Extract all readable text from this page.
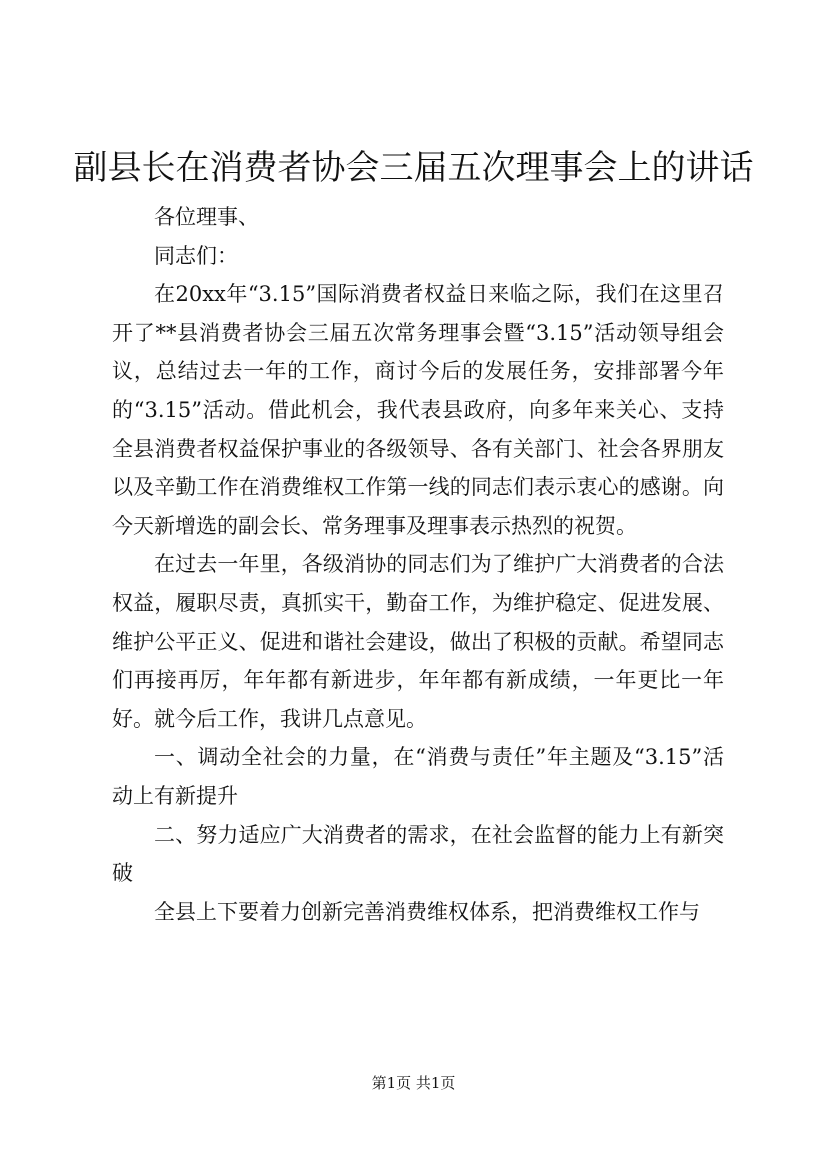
副县长在消费者协会三届五次理事会上的讲话

各位理事、

同志们：

在20xx年“3.15”国际消费者权益日来临之际，我们在这里召开了**县消费者协会三届五次常务理事会暨“3.15”活动领导组会议，总结过去一年的工作，商讨今后的发展任务，安排部署今年的“3.15”活动。借此机会，我代表县政府，向多年来关心、支持全县消费者权益保护事业的各级领导、各有关部门、社会各界朋友以及辛勤工作在消费维权工作第一线的同志们表示衷心的感谢。向今天新增选的副会长、常务理事及理事表示热烈的祝贺。

在过去一年里，各级消协的同志们为了维护广大消费者的合法权益，履职尽责，真抓实干，勤奋工作，为维护稳定、促进发展、维护公平正义、促进和谐社会建设，做出了积极的贡献。希望同志们再接再厉，年年都有新进步，年年都有新成绩，一年更比一年好。就今后工作，我讲几点意见。

一、调动全社会的力量，在“消费与责任”年主题及“3.15”活动上有新提升

二、努力适应广大消费者的需求，在社会监督的能力上有新突破

全县上下要着力创新完善消费维权体系，把消费维权工作与

第1页 共1页
